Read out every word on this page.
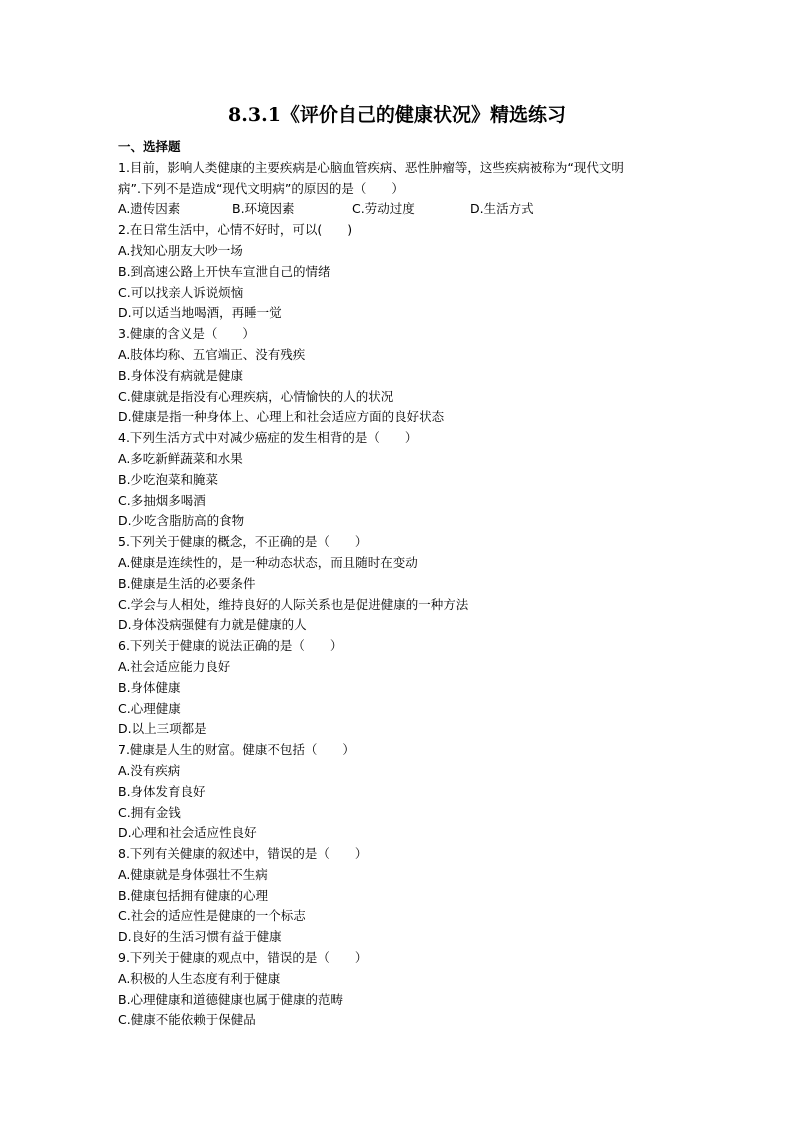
8.3.1《评价自己的健康状况》精选练习
一、选择题
1.目前，影响人类健康的主要疾病是心脑血管疾病、恶性肿瘤等，这些疾病被称为“现代文明
病”.下列不是造成“现代文明病”的原因的是（　　）
A.遗传因素	B.环境因素	C.劳动过度	D.生活方式
2.在日常生活中，心情不好时，可以(　　)
A.找知心朋友大吵一场
B.到高速公路上开快车宣泄自己的情绪
C.可以找亲人诉说烦恼
D.可以适当地喝酒，再睡一觉
3.健康的含义是（　　）
A.肢体均称、五官端正、没有残疾
B.身体没有病就是健康
C.健康就是指没有心理疾病，心情愉快的人的状况
D.健康是指一种身体上、心理上和社会适应方面的良好状态
4.下列生活方式中对减少癌症的发生相背的是（　　）
A.多吃新鲜蔬菜和水果
B.少吃泡菜和腌菜
C.多抽烟多喝酒
D.少吃含脂肪高的食物
5.下列关于健康的概念，不正确的是（　　）
A.健康是连续性的，是一种动态状态，而且随时在变动
B.健康是生活的必要条件
C.学会与人相处，维持良好的人际关系也是促进健康的一种方法
D.身体没病强健有力就是健康的人
6.下列关于健康的说法正确的是（　　）
A.社会适应能力良好
B.身体健康
C.心理健康
D.以上三项都是
7.健康是人生的财富。健康不包括（　　）
A.没有疾病
B.身体发育良好
C.拥有金钱
D.心理和社会适应性良好
8.下列有关健康的叙述中，错误的是（　　）
A.健康就是身体强壮不生病
B.健康包括拥有健康的心理
C.社会的适应性是健康的一个标志
D.良好的生活习惯有益于健康
9.下列关于健康的观点中，错误的是（　　）
A.积极的人生态度有利于健康
B.心理健康和道德健康也属于健康的范畴
C.健康不能依赖于保健品
